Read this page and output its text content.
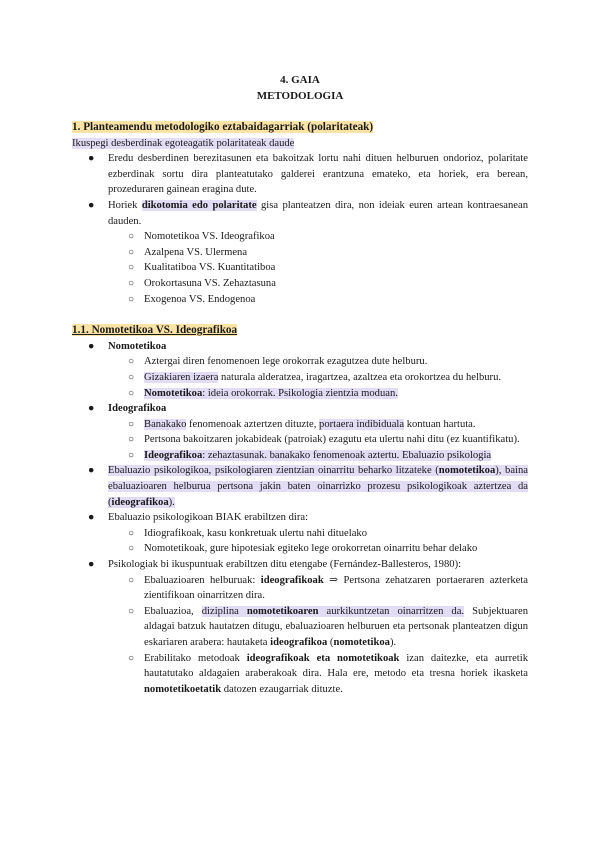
4. GAIA
METODOLOGIA
1. Planteamendu metodologiko eztabaidagarriak (polaritateak)
Ikuspegi desberdinak egoteagatik polaritateak daude
● Eredu desberdinen berezitasunen eta bakoitzak lortu nahi dituen helburuen ondorioz, polaritate ezberdinak sortu dira planteatutako galderei erantzuna emateko, eta horiek, era berean, prozeduraren gainean eragina dute.
● Horiek dikotomia edo polaritate gisa planteatzen dira, non ideiak euren artean kontraesanean dauden.
○ Nomotetikoa VS. Ideografikoa
○ Azalpena VS. Ulermena
○ Kualitatiboa VS. Kuantitatiboa
○ Orokortasuna VS. Zehaztasuna
○ Exogenoa VS. Endogenoa
1.1. Nomotetikoa VS. Ideografikoa
● Nomotetikoa
○ Aztergai diren fenomenoen lege orokorrak ezagutzea dute helburu.
○ Gizakiaren izaera naturala alderatzea, iragartzea, azaltzea eta orokortzea du helburu.
○ Nomotetikoa: ideia orokorrak. Psikologia zientzia moduan.
● Ideografikoa
○ Banakako fenomenoak aztertzen dituzte, portaera indibiduala kontuan hartuta.
○ Pertsona bakoitzaren jokabideak (patroiak) ezagutu eta ulertu nahi ditu (ez kuantifikatu).
○ Ideografikoa: zehaztasunak. banakako fenomenoak aztertu. Ebaluazio psikologia
● Ebaluazio psikologikoa, psikologiaren zientzian oinarritu beharko litzateke (nomotetikoa), baina ebaluazioaren helburua pertsona jakin baten oinarrizko prozesu psikologikoak aztertzea da (ideografikoa).
● Ebaluazio psikologikoan BIAK erabiltzen dira:
○ Idiografikoak, kasu konkretuak ulertu nahi dituelako
○ Nomotetikoak, gure hipotesiak egiteko lege orokorretan oinarritu behar delako
● Psikologiak bi ikuspuntuak erabiltzen ditu etengabe (Fernández-Ballesteros, 1980):
○ Ebaluazioaren helburuak: ideografikoak ⇒ Pertsona zehatzaren portaeraren azterketa zientifikoan oinarritzen dira.
○ Ebaluazioa, diziplina nomotetikoaren aurkikuntzetan oinarritzen da. Subjektuaren aldagai batzuk hautatzen ditugu, ebaluazioaren helburuen eta pertsonak planteatzen digun eskariaren arabera: hautaketa ideografikoa (nomotetikoa).
○ Erabilitako metodoak ideografikoak eta nomotetikoak izan daitezke, eta aurretik hautatutako aldagaien araberakoak dira. Hala ere, metodo eta tresna horiek ikasketa nomotetikoetatik datozen ezaugarriak dituzte.
